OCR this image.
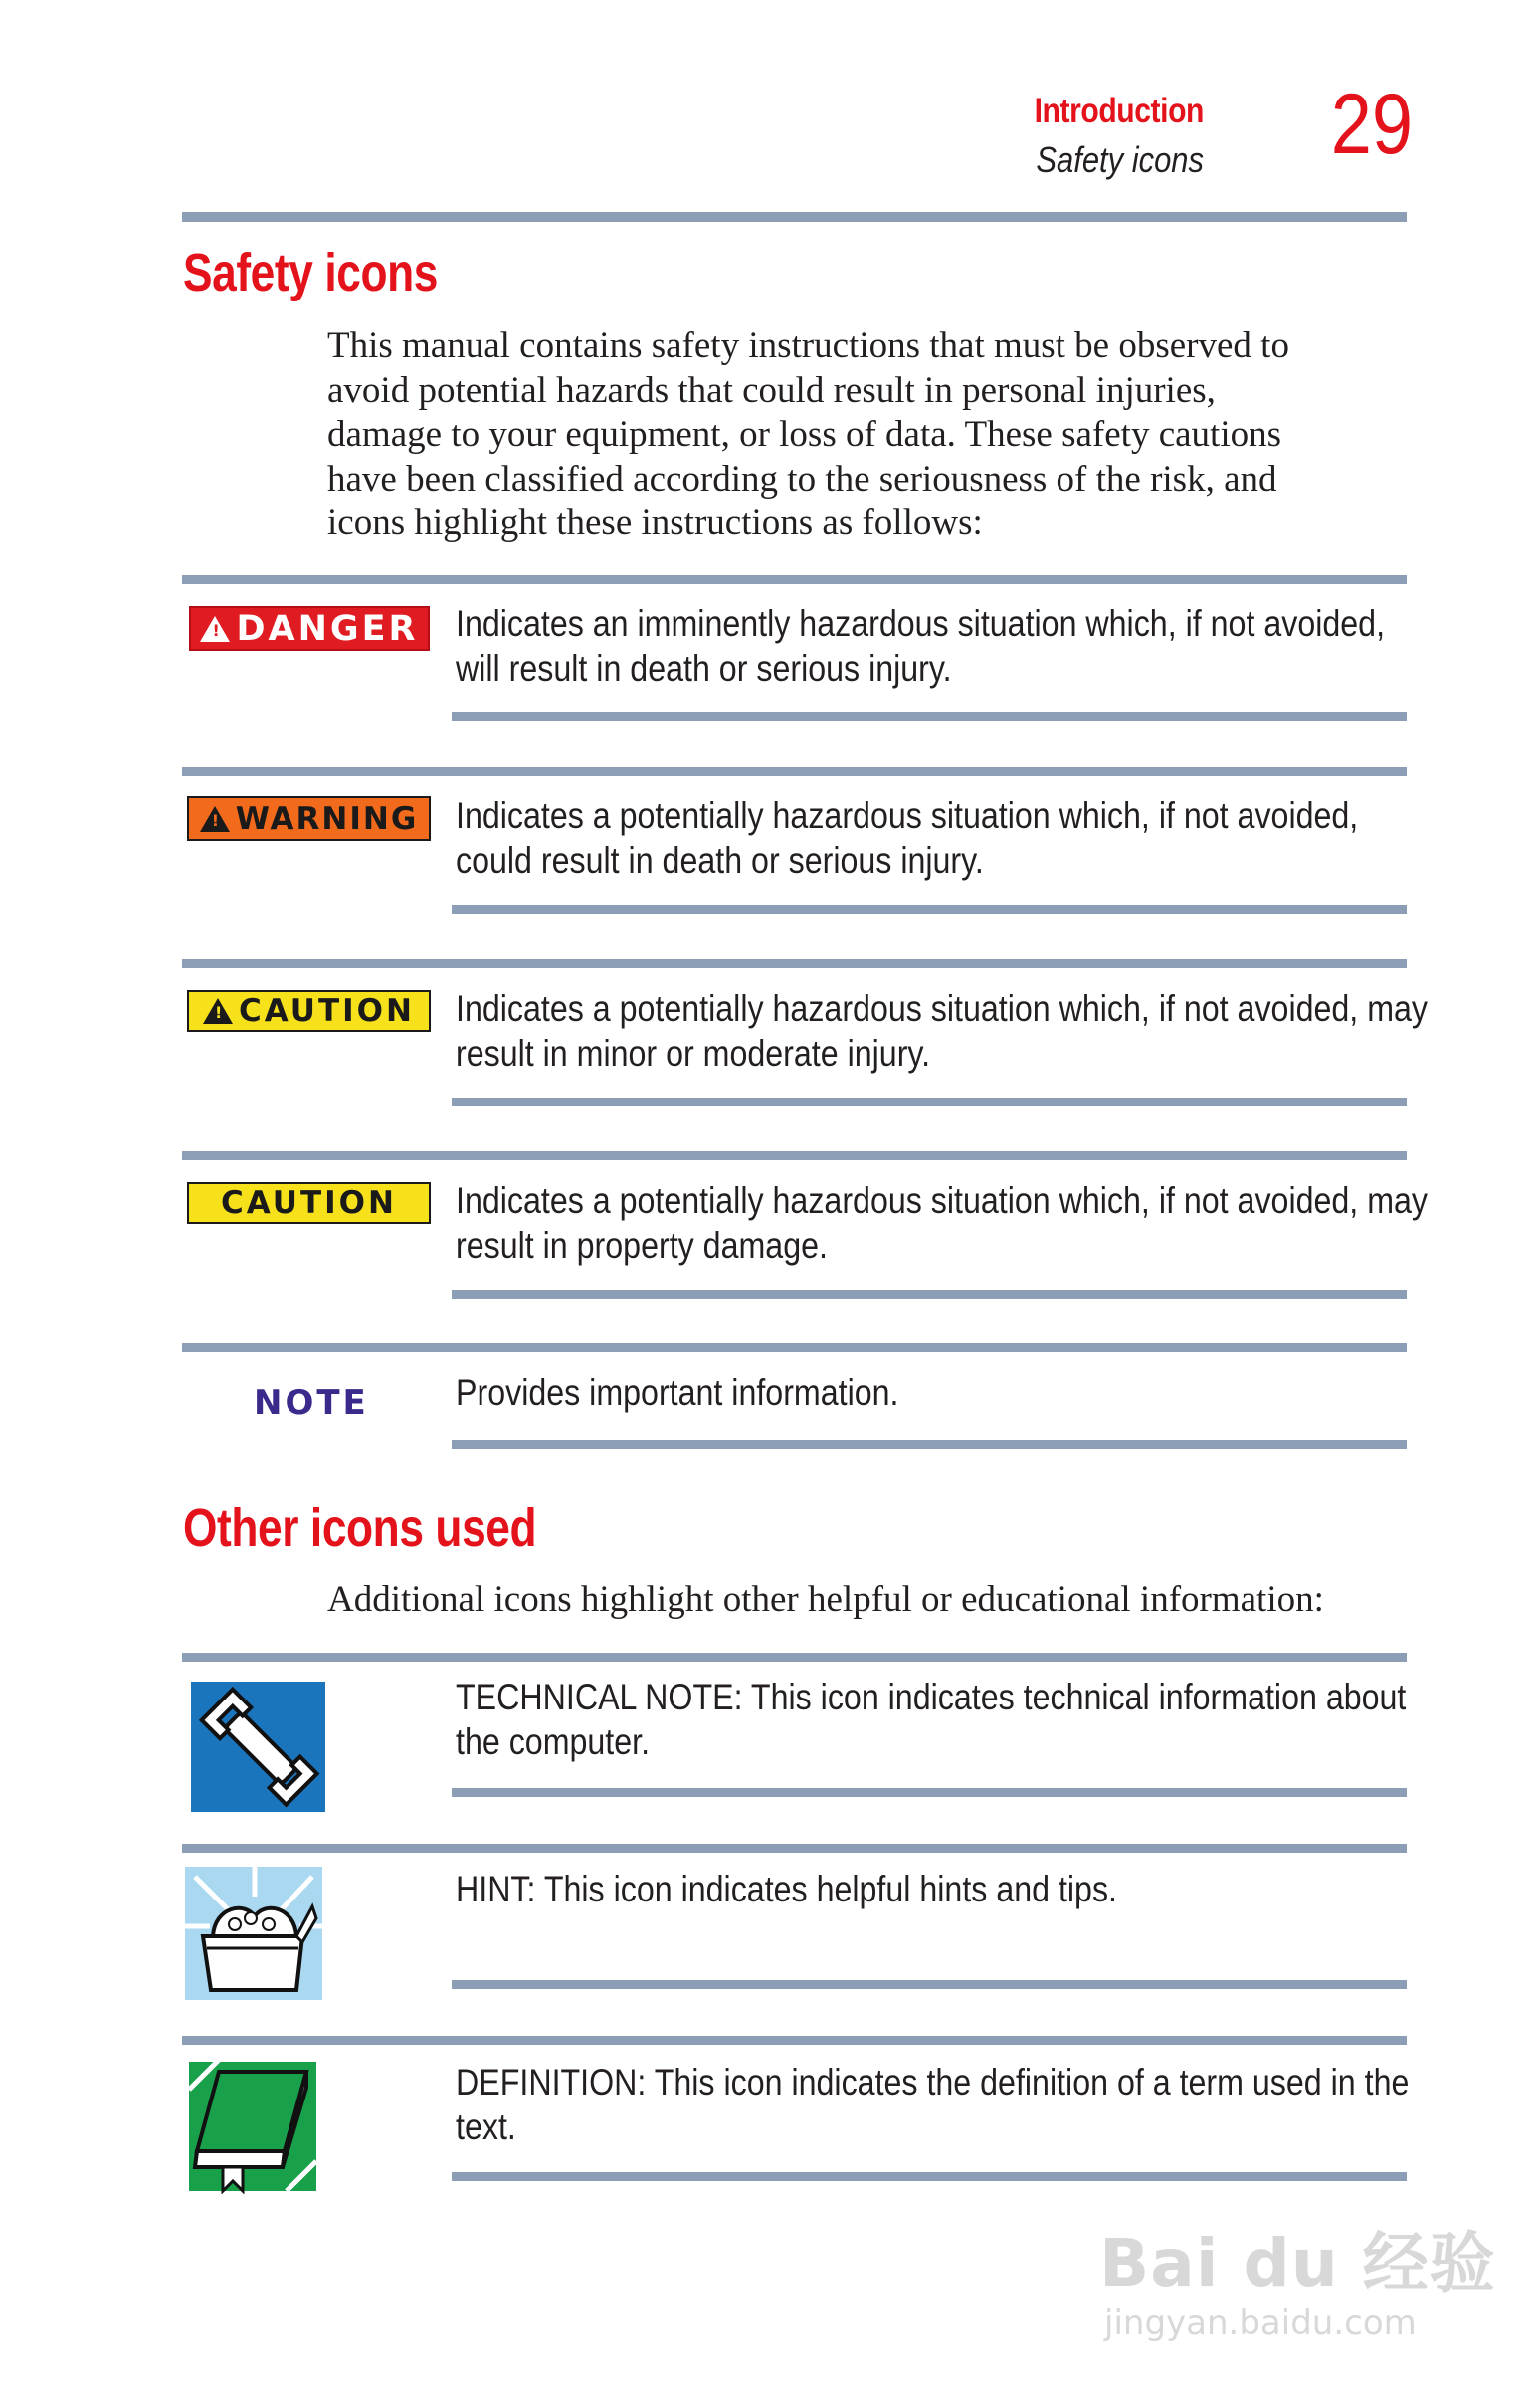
Introduction
Safety icons 29
Safety icons
This manual contains safety instructions that must be observed to
avoid potential hazards that could result in personal injuries,
damage to your equipment, or loss of data. These safety cautions
have been classified according to the seriousness of the risk, and
icons highlight these instructions as follows:
! DANGER Indicates an imminently hazardous situation which, if not avoided,
will result in death or serious injury.
! WARNING Indicates a potentially hazardous situation which, if not avoided,
could result in death or serious injury.
! CAUTION Indicates a potentially hazardous situation which, if not avoided, may
result in minor or moderate injury.
CAUTION	Indicates a potentially hazardous situation which, if not avoided, may
result in property damage.
NOTE Provides important information.
Other icons used
Additional icons highlight other helpful or educational information:
TECHNICAL NOTE: This icon indicates technical information about
the computer.
HINT: This icon indicates helpful hints and tips.
DEFINITION: This icon indicates the definition of a term used in the
text.
Bai du 经验
jingyan.baidu.com
